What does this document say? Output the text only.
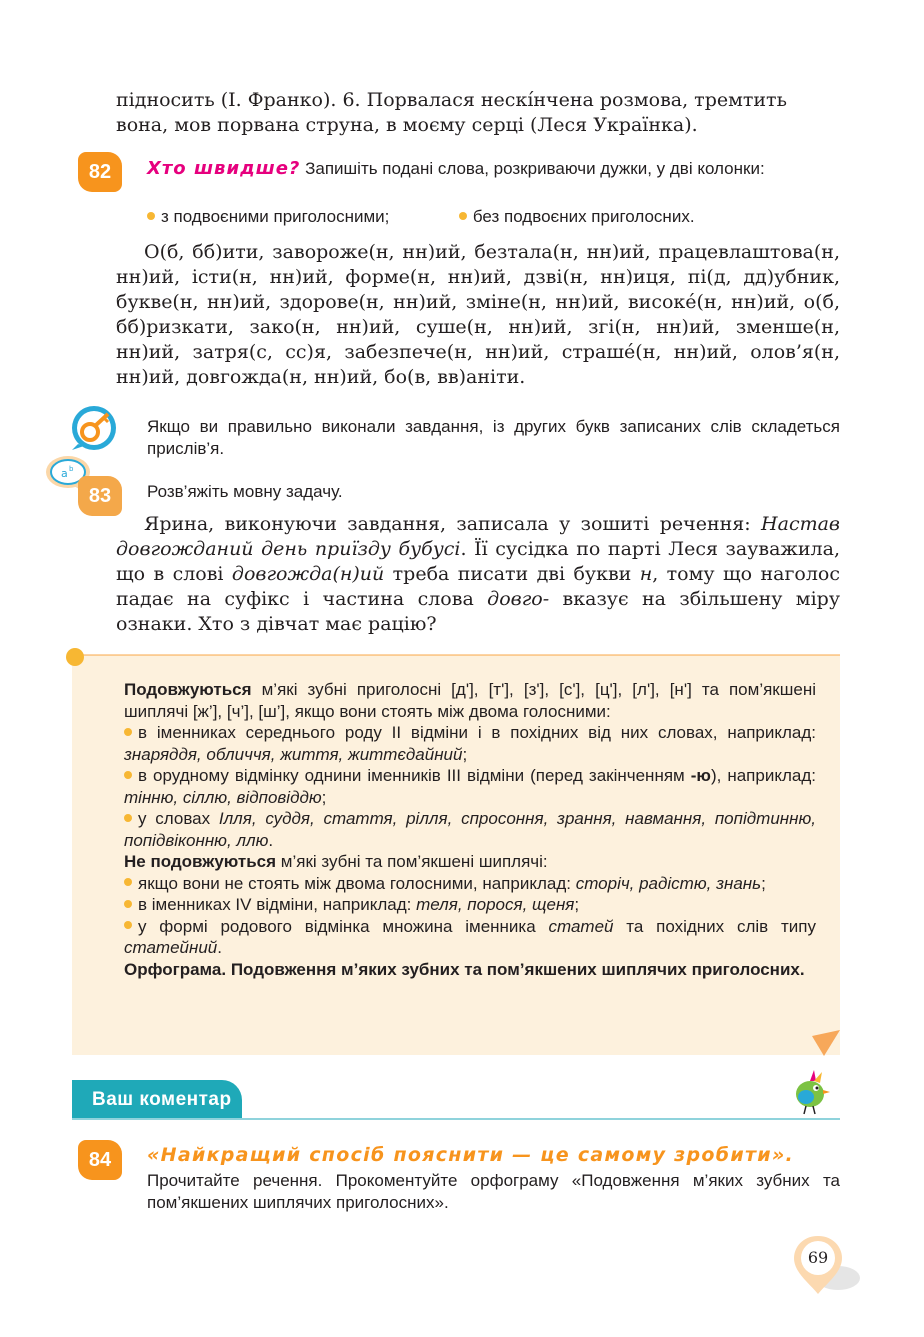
підносить (І. Франко). 6. Порвалася нескі́нчена розмова, тремтить
вона, мов порвана струна, в моєму серці (Леся Українка).
82 Хто швидше? Запишіть подані слова, розкриваючи дужки, у дві колонки:
з подвоєними приголосними;	без подвоєних приголосних.
О(б, бб)ити, завороже(н, нн)ий, безтала(н, нн)ий, працевлаштова(н, нн)ий, істи(н, нн)ий, форме(н, нн)ий, дзві(н, нн)иця, пі(д, дд)убник, букве(н, нн)ий, здорове(н, нн)ий, зміне(н, нн)ий, високе́(н, нн)ий, о(б, бб)ризкати, зако(н, нн)ий, суше(н, нн)ий, згі(н, нн)ий, зменше(н, нн)ий, затря(с, сс)я, забезпече(н, нн)ий, страше́(н, нн)ий, олов’я(н, нн)ий, довгожда(н, нн)ий, бо(в, вв)аніти.
Якщо ви правильно виконали завдання, із других букв записаних слів складеться прислів’я.
a b
83 Розв’яжіть мовну задачу.
Ярина, виконуючи завдання, записала у зошиті речення: Настав довгожданий день приїзду бубусі. Її сусідка по парті Леся зауважила, що в слові довгожда(н)ий треба писати дві букви н, тому що наголос падає на суфікс і частина слова довго- вказує на збільшену міру ознаки. Хто з дівчат має рацію?

Подовжуються м’які зубні приголосні [д'], [т'], [з'], [с'], [ц'], [л'], [н'] та пом’якшені шиплячі [ж’], [ч’], [ш’], якщо вони стоять між двома голосними:

в іменниках середнього роду ІІ відміни і в похідних від них словах, наприклад: знаряддя, обличчя, життя, життєдайний;

в орудному відмінку однини іменників ІІІ відміни (перед закінченням -ю), наприклад: тінню, сіллю, відповіддю;

у словах Ілля, суддя, стаття, рілля, спросоння, зрання, навмання, попідтинню, попідвіконню, ллю.

Не подовжуються м’які зубні та пом’якшені шиплячі:

якщо вони не стоять між двома голосними, наприклад: сторіч, радістю, знань;

в іменниках IV відміни, наприклад: теля, порося, щеня;

у формі родового відмінка множина іменника статей та похідних слів типу статейний.

Орфограма. Подовження м’яких зубних та пом’якшених шиплячих приголосних.

Ваш коментар
84 «Найкращий спосіб пояснити — це самому зробити».
Прочитайте речення. Прокоментуйте орфограму «Подовження м’яких зубних та пом’якшених шиплячих приголосних».
69
